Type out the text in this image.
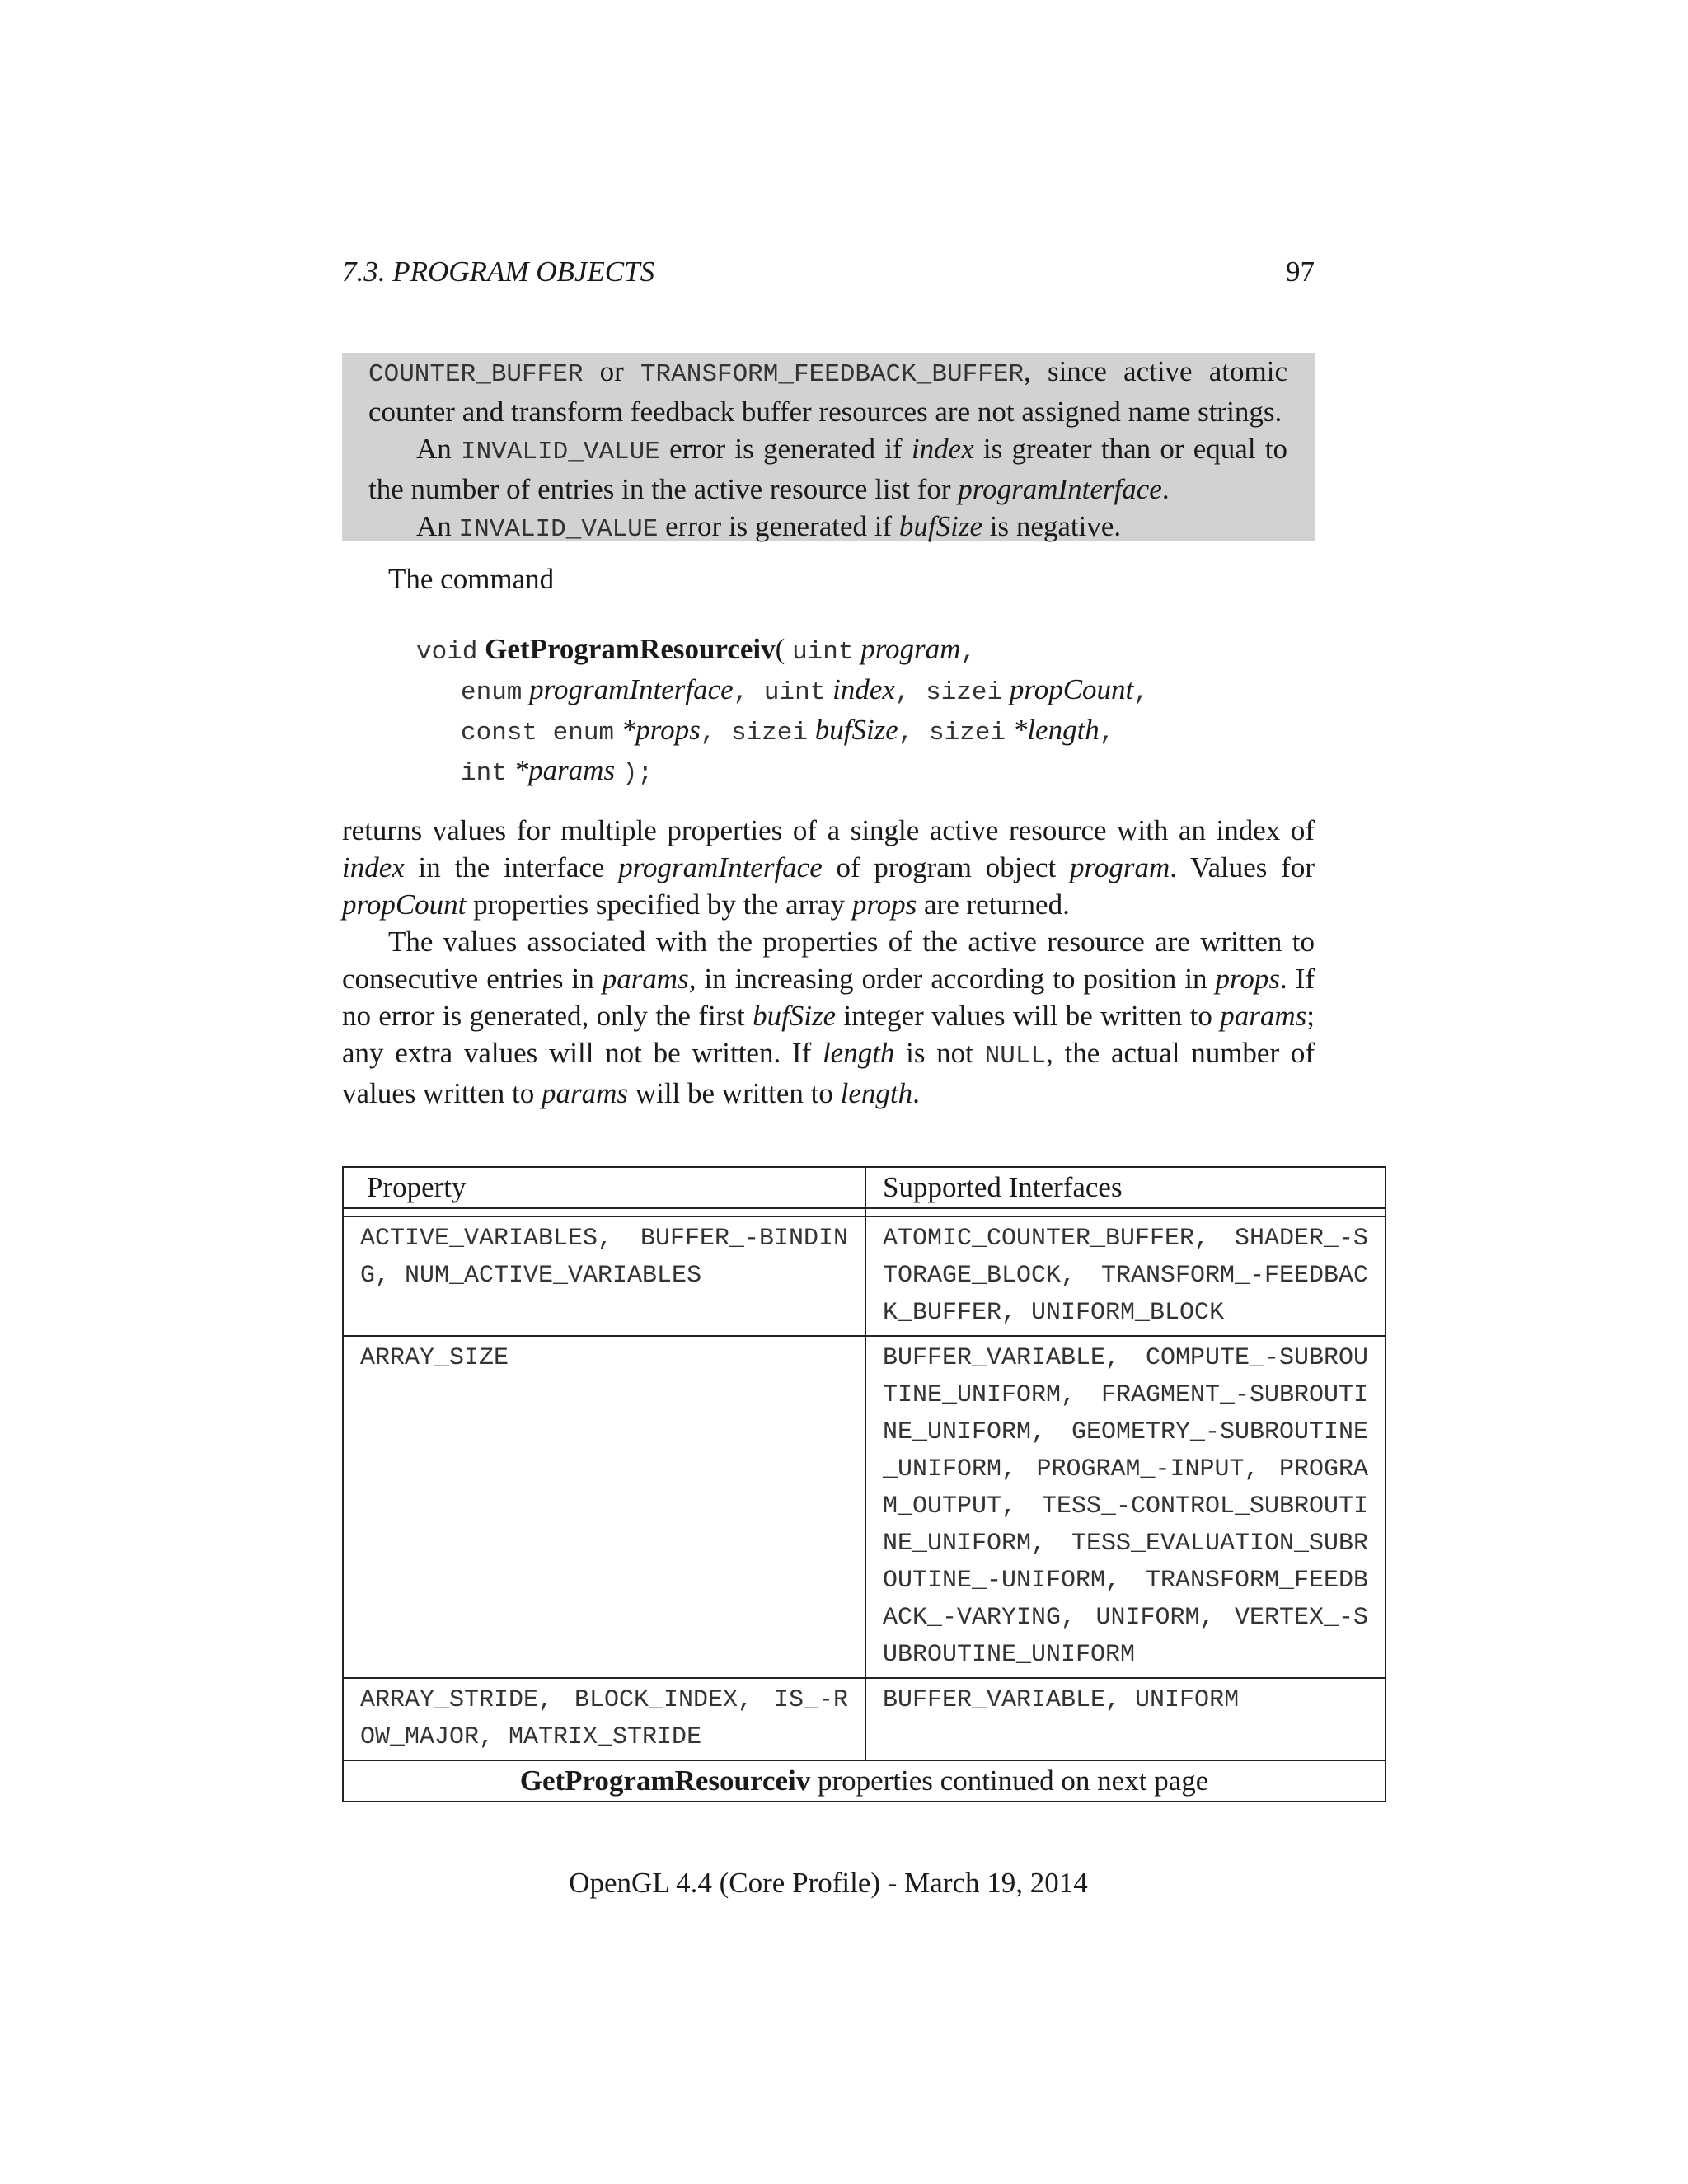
7.3. PROGRAM OBJECTS	97
COUNTER_BUFFER or TRANSFORM_FEEDBACK_BUFFER, since active atomic
counter and transform feedback buffer resources are not assigned name strings.
An INVALID_VALUE error is generated if index is greater than or equal to
the number of entries in the active resource list for programInterface.
An INVALID_VALUE error is generated if bufSize is negative.
The command
void GetProgramResourceiv( uint program,
enum programInterface, uint index, sizei propCount,
const enum *props, sizei bufSize, sizei *length,
int *params );

returns values for multiple properties of a single active resource with an index of index in the interface programInterface of program object program. Values for propCount properties specified by the array props are returned.

The values associated with the properties of the active resource are written to consecutive entries in params, in increasing order according to position in props. If no error is generated, only the first bufSize integer values will be written to params; any extra values will not be written. If length is not NULL, the actual number of values written to params will be written to length.

Property	Supported Interfaces

ACTIVE_VARIABLES, BUFFER_-BINDING, NUM_ACTIVE_VARIABLES	ATOMIC_COUNTER_BUFFER, SHADER_-STORAGE_BLOCK, TRANSFORM_-FEEDBACK_BUFFER, UNIFORM_BLOCK
ARRAY_SIZE	BUFFER_VARIABLE, COMPUTE_-SUBROUTINE_UNIFORM, FRAGMENT_-SUBROUTINE_UNIFORM, GEOMETRY_-SUBROUTINE_UNIFORM, PROGRAM_-INPUT, PROGRAM_OUTPUT, TESS_-CONTROL_SUBROUTINE_UNIFORM, TESS_EVALUATION_SUBROUTINE_-UNIFORM, TRANSFORM_FEEDBACK_-VARYING, UNIFORM, VERTEX_-SUBROUTINE_UNIFORM
ARRAY_STRIDE, BLOCK_INDEX, IS_-ROW_MAJOR, MATRIX_STRIDE	BUFFER_VARIABLE, UNIFORM
GetProgramResourceiv properties continued on next page	
OpenGL 4.4 (Core Profile) - March 19, 2014
